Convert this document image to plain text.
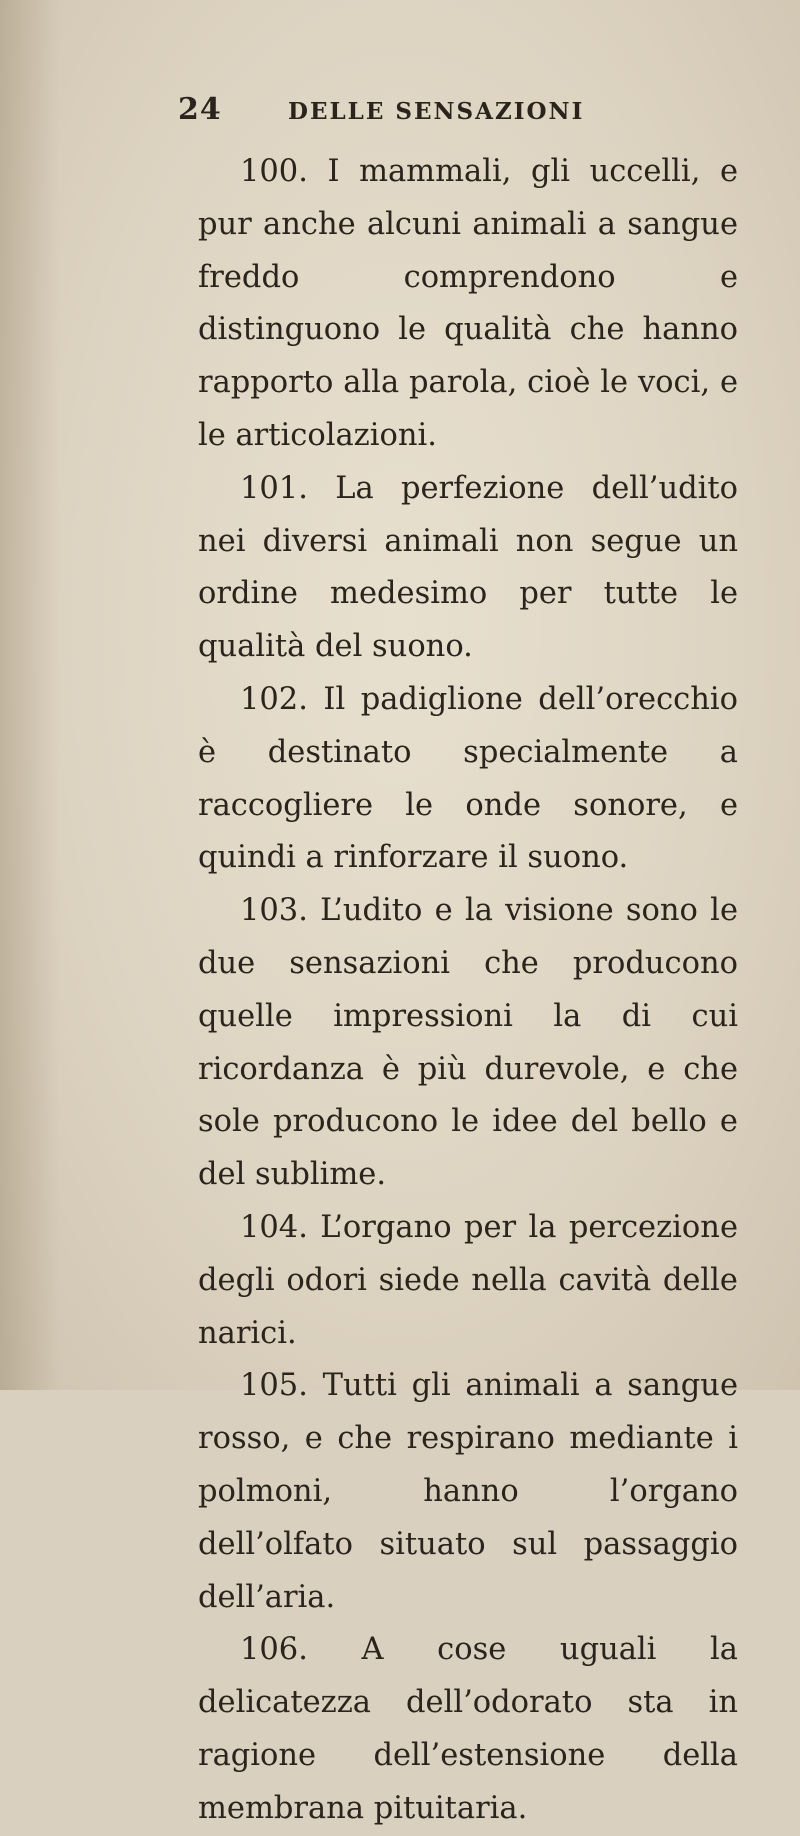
24	DELLE SENSAZIONI

100. I mammali, gli uccelli, e pur anche alcuni animali a sangue freddo comprendono e distinguono le qualità che hanno rapporto alla parola, cioè le voci, e le articolazioni.

101. La perfezione dell’udito nei diversi animali non segue un ordine medesimo per tutte le qualità del suono.

102. Il padiglione dell’orecchio è destinato specialmente a raccogliere le onde sonore, e quindi a rinforzare il suono.

103. L’udito e la visione sono le due sensazioni che producono quelle impressioni la di cui ricordanza è più durevole, e che sole producono le idee del bello e del sublime.

104. L’organo per la percezione degli odori siede nella cavità delle narici.

105. Tutti gli animali a sangue rosso, e che respirano mediante i polmoni, hanno l’organo dell’olfato situato sul passaggio dell’aria.

106. A cose uguali la delicatezza dell’odorato sta in ragione dell’estensione della membrana pituitaria.
